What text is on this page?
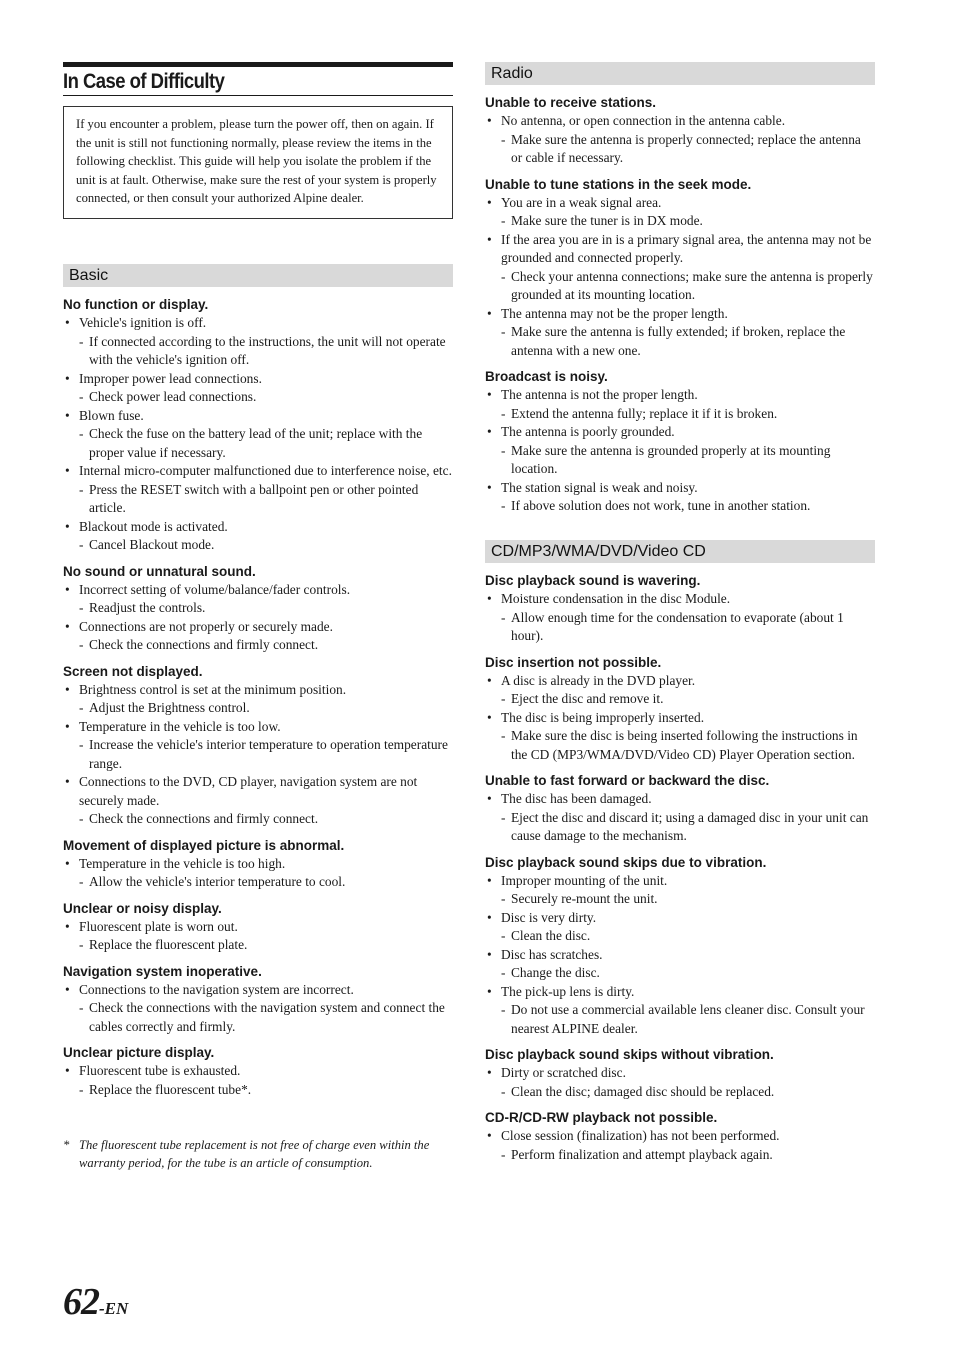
In Case of Difficulty
If you encounter a problem, please turn the power off, then on again. If the unit is still not functioning normally, please review the items in the following checklist. This guide will help you isolate the problem if the unit is at fault. Otherwise, make sure the rest of your system is properly connected, or then consult your authorized Alpine dealer.
Basic
No function or display.
• Vehicle's ignition is off.
- If connected according to the instructions, the unit will not operate with the vehicle's ignition off.
• Improper power lead connections.
- Check power lead connections.
• Blown fuse.
- Check the fuse on the battery lead of the unit; replace with the proper value if necessary.
• Internal micro-computer malfunctioned due to interference noise, etc.
- Press the RESET switch with a ballpoint pen or other pointed article.
• Blackout mode is activated.
- Cancel Blackout mode.
No sound or unnatural sound.
• Incorrect setting of volume/balance/fader controls.
- Readjust the controls.
• Connections are not properly or securely made.
- Check the connections and firmly connect.
Screen not displayed.
• Brightness control is set at the minimum position.
- Adjust the Brightness control.
• Temperature in the vehicle is too low.
- Increase the vehicle's interior temperature to operation temperature range.
• Connections to the DVD, CD player, navigation system are not securely made.
- Check the connections and firmly connect.
Movement of displayed picture is abnormal.
• Temperature in the vehicle is too high.
- Allow the vehicle's interior temperature to cool.
Unclear or noisy display.
• Fluorescent plate is worn out.
- Replace the fluorescent plate.
Navigation system inoperative.
• Connections to the navigation system are incorrect.
- Check the connections with the navigation system and connect the cables correctly and firmly.
Unclear picture display.
• Fluorescent tube is exhausted.
- Replace the fluorescent tube*.
* The fluorescent tube replacement is not free of charge even within the warranty period, for the tube is an article of consumption.
Radio
Unable to receive stations.
• No antenna, or open connection in the antenna cable.
- Make sure the antenna is properly connected; replace the antenna or cable if necessary.
Unable to tune stations in the seek mode.
• You are in a weak signal area.
- Make sure the tuner is in DX mode.
• If the area you are in is a primary signal area, the antenna may not be grounded and connected properly.
- Check your antenna connections; make sure the antenna is properly grounded at its mounting location.
• The antenna may not be the proper length.
- Make sure the antenna is fully extended; if broken, replace the antenna with a new one.
Broadcast is noisy.
• The antenna is not the proper length.
- Extend the antenna fully; replace it if it is broken.
• The antenna is poorly grounded.
- Make sure the antenna is grounded properly at its mounting location.
• The station signal is weak and noisy.
- If above solution does not work, tune in another station.
CD/MP3/WMA/DVD/Video CD
Disc playback sound is wavering.
• Moisture condensation in the disc Module.
- Allow enough time for the condensation to evaporate (about 1 hour).
Disc insertion not possible.
• A disc is already in the DVD player.
- Eject the disc and remove it.
• The disc is being improperly inserted.
- Make sure the disc is being inserted following the instructions in the CD (MP3/WMA/DVD/Video CD) Player Operation section.
Unable to fast forward or backward the disc.
• The disc has been damaged.
- Eject the disc and discard it; using a damaged disc in your unit can cause damage to the mechanism.
Disc playback sound skips due to vibration.
• Improper mounting of the unit.
- Securely re-mount the unit.
• Disc is very dirty.
- Clean the disc.
• Disc has scratches.
- Change the disc.
• The pick-up lens is dirty.
- Do not use a commercial available lens cleaner disc. Consult your nearest ALPINE dealer.
Disc playback sound skips without vibration.
• Dirty or scratched disc.
- Clean the disc; damaged disc should be replaced.
CD-R/CD-RW playback not possible.
• Close session (finalization) has not been performed.
- Perform finalization and attempt playback again.
62-EN
